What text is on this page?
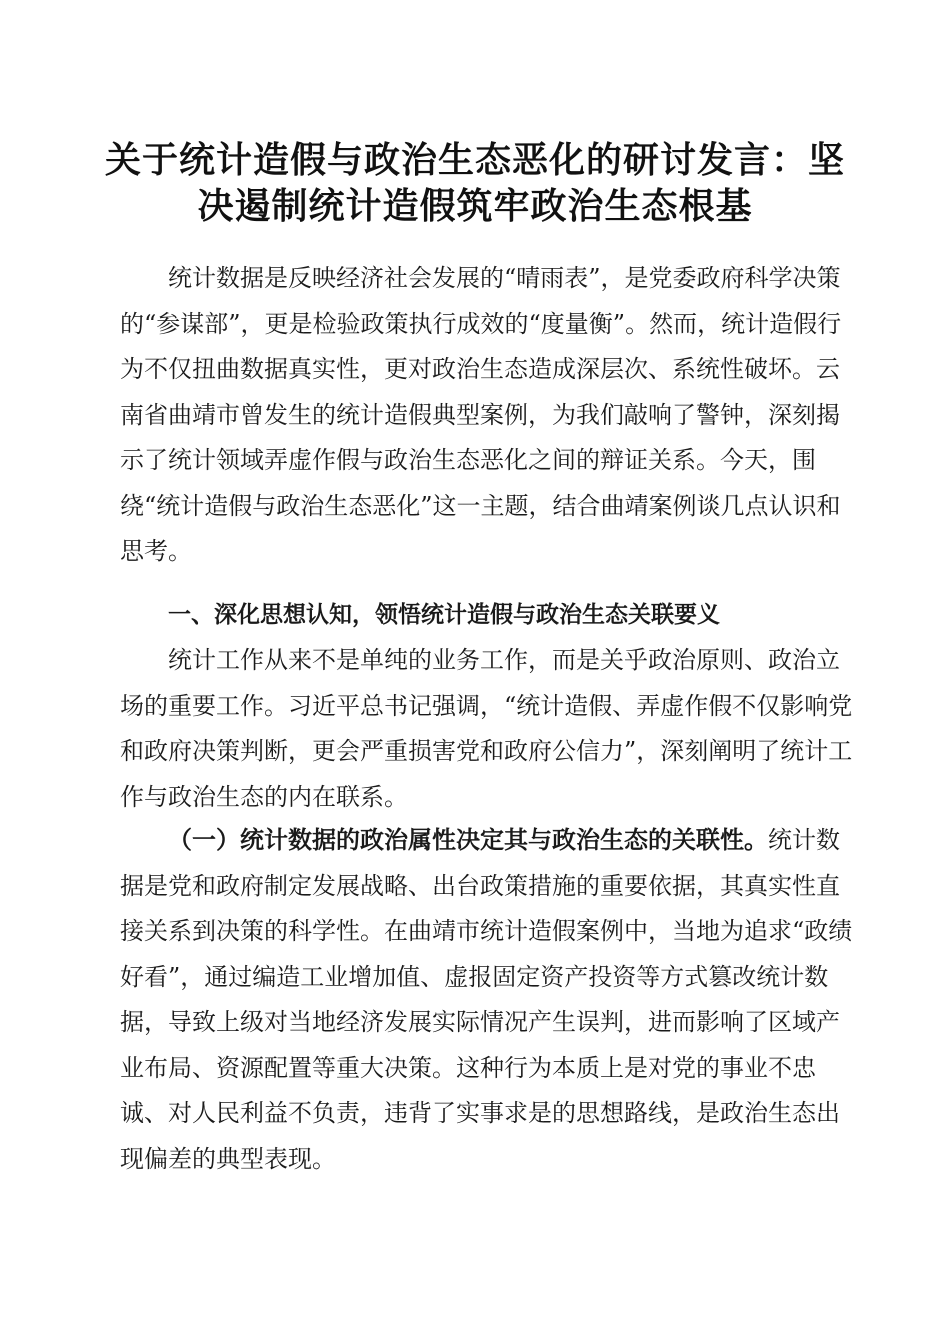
关于统计造假与政治生态恶化的研讨发言：坚
决遏制统计造假筑牢政治生态根基

统计数据是反映经济社会发展的“晴雨表”，是党委政府科学决策的“参谋部”，更是检验政策执行成效的“度量衡”。然而，统计造假行为不仅扭曲数据真实性，更对政治生态造成深层次、系统性破坏。云南省曲靖市曾发生的统计造假典型案例，为我们敲响了警钟，深刻揭示了统计领域弄虚作假与政治生态恶化之间的辩证关系。今天，围绕“统计造假与政治生态恶化”这一主题，结合曲靖案例谈几点认识和思考。

一、深化思想认知，领悟统计造假与政治生态关联要义

统计工作从来不是单纯的业务工作，而是关乎政治原则、政治立场的重要工作。习近平总书记强调，“统计造假、弄虚作假不仅影响党和政府决策判断，更会严重损害党和政府公信力”，深刻阐明了统计工作与政治生态的内在联系。

（一）统计数据的政治属性决定其与政治生态的关联性。统计数据是党和政府制定发展战略、出台政策措施的重要依据，其真实性直接关系到决策的科学性。在曲靖市统计造假案例中，当地为追求“政绩好看”，通过编造工业增加值、虚报固定资产投资等方式篡改统计数据，导致上级对当地经济发展实际情况产生误判，进而影响了区域产业布局、资源配置等重大决策。这种行为本质上是对党的事业不忠诚、对人民利益不负责，违背了实事求是的思想路线，是政治生态出现偏差的典型表现。
